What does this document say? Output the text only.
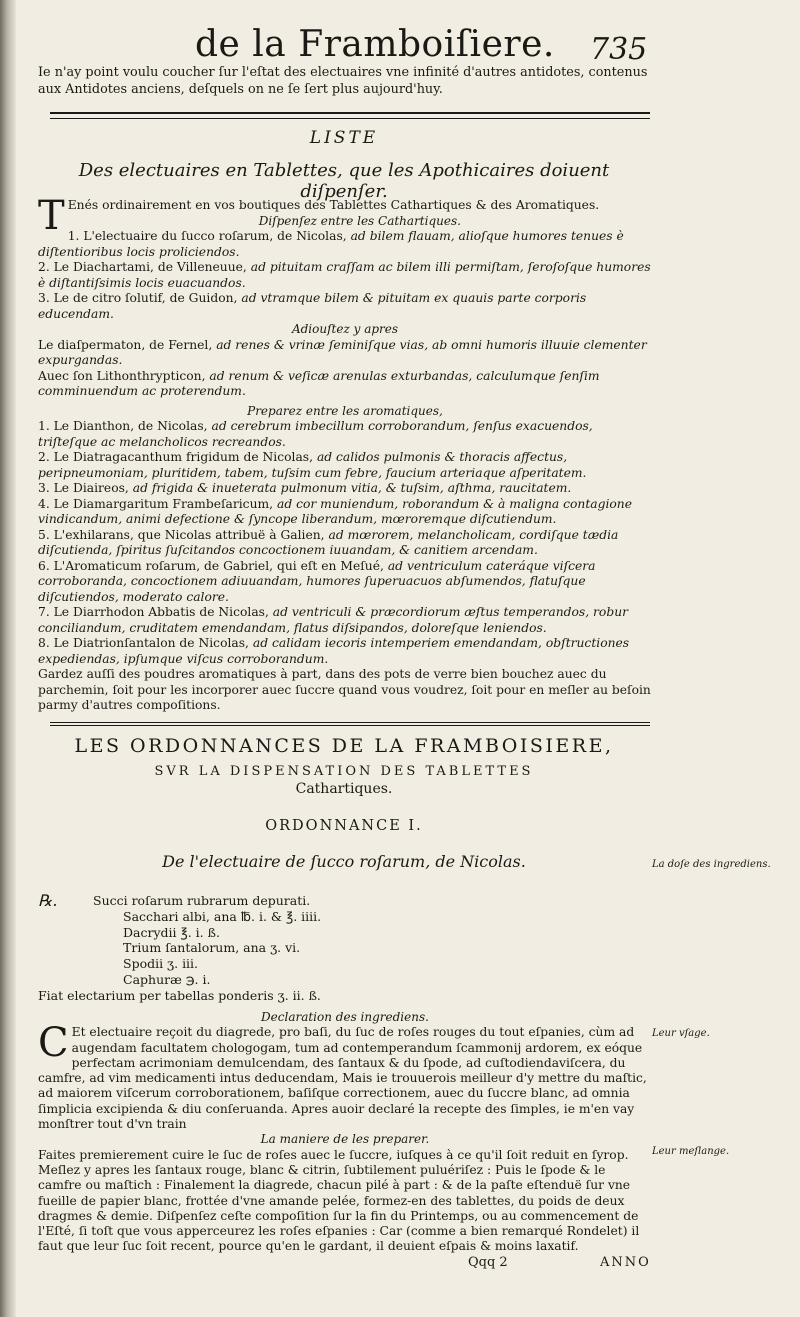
de la Framboiſiere. 735
Ie n'ay point voulu coucher ſur l'eſtat des electuaires vne infinité d'autres antidotes, contenus aux Antidotes anciens, deſquels on ne ſe ſert plus aujourd'huy.
LISTE
Des electuaires en Tablettes, que les Apothicaires doiuent diſpenſer.
T Enés ordinairement en vos boutiques des Tablettes Cathartiques & des Aromatiques.
Diſpenſez entre les Cathartiques.
1. L'electuaire du ſucco roſarum, de Nicolas, ad bilem flauam, alioſque humores tenues è diſtentioribus locis proliciendos.
2. Le Diachartami, de Villeneuue, ad pituitam craſſam ac bilem illi permiſtam, ſeroſoſque humores è diſtantiſsimis locis euacuandos.
3. Le de citro ſolutif, de Guidon, ad vtramque bilem & pituitam ex quauis parte corporis educendam.
Adiouſtez y apres
Le diaſpermaton, de Fernel, ad renes & vrinæ ſeminiſque vias, ab omni humoris illuuie clementer expurgandas.
Auec ſon Lithonthrypticon, ad renum & veſicæ arenulas exturbandas, calculumque ſenſim comminuendum ac proterendum.
Preparez entre les aromatiques,
1. Le Dianthon, de Nicolas, ad cerebrum imbecillum corroborandum, ſenſus exacuendos, triſteſque ac melancholicos recreandos.
2. Le Diatragacanthum frigidum de Nicolas, ad calidos pulmonis & thoracis affectus, peripneumoniam, pluritidem, tabem, tuſsim cum febre, faucium arteriaque aſperitatem.
3. Le Diaireos, ad frigida & inueterata pulmonum vitia, & tuſsim, aſthma, raucitatem.
4. Le Diamargaritum Frambeſaricum, ad cor muniendum, roborandum & à maligna contagione vindicandum, animi defectione & ſyncope liberandum, mœroremque diſcutiendum.
5. L'exhilarans, que Nicolas attribuë à Galien, ad mœrorem, melancholicam, cordiſque tædia diſcutienda, ſpiritus ſuſcitandos concoctionem iuuandam, & canitiem arcendam.
6. L'Aromaticum roſarum, de Gabriel, qui eſt en Meſué, ad ventriculum cateráque viſcera corroboranda, concoctionem adiuuandam, humores ſuperuacuos abſumendos, flatuſque diſcutiendos, moderato calore.
7. Le Diarrhodon Abbatis de Nicolas, ad ventriculi & præcordiorum æſtus temperandos, robur conciliandum, cruditatem emendandam, flatus diſsipandos, doloreſque leniendos.
8. Le Diatrionſantalon de Nicolas, ad calidam iecoris intemperiem emendandam, obſtructiones expediendas, ipſumque viſcus corroborandum.
Gardez auſſi des poudres aromatiques à part, dans des pots de verre bien bouchez auec du parchemin, ſoit pour les incorporer auec ſuccre quand vous voudrez, ſoit pour en meſler au beſoin parmy d'autres compoſitions.
LES ORDONNANCES DE LA FRAMBOISIERE,
SVR LA DISPENSATION DES TABLETTES
Cathartiques.
ORDONNANCE I.
De l'electuaire de ſucco roſarum, de Nicolas.
℞.	Succi roſarum rubrarum depurati.
Sacchari albi, ana ℔. i. & ℥. iiii.
Dacrydii ℥. i. ß.
Trium ſantalorum, ana ʒ. vi.
Spodii ʒ. iii.
Caphuræ ℈. i.
Fiat electarium per tabellas ponderis ʒ. ii. ß.
Declaration des ingrediens.
C Et electuaire reçoit du diagrede, pro baſi, du ſuc de roſes rouges du tout eſpanies, cùm ad augendam facultatem chologogam, tum ad contemperandum ſcammonij ardorem, ex eóque perfectam acrimoniam demulcendam, des ſantaux & du ſpode, ad cuſtodiendaviſcera, du camfre, ad vim medicamenti intus deducendam, Mais ie trouuerois meilleur d'y mettre du maſtic, ad maiorem viſcerum corroborationem, baſiſque correctionem, auec du ſuccre blanc, ad omnia ſimplicia excipienda & diu conſeruanda. Apres auoir declaré la recepte des ſimples, ie m'en vay monſtrer tout d'vn train
La maniere de les preparer.
Faites premierement cuire le ſuc de roſes auec le ſuccre, iuſques à ce qu'il ſoit reduit en ſyrop. Meſlez y apres les ſantaux rouge, blanc & citrin, ſubtilement puluériſez : Puis le ſpode & le camfre ou maſtich : Finalement la diagrede, chacun pilé à part : & de la paſte eſtenduë ſur vne fueille de papier blanc, frottée d'vne amande pelée, formez-en des tablettes, du poids de deux dragmes & demie. Diſpenſez ceſte compoſition ſur la fin du Printemps, ou au commencement de l'Eſté, ſi toſt que vous apperceurez les roſes eſpanies : Car (comme a bien remarqué Rondelet) il faut que leur ſuc ſoit recent, pource qu'en le gardant, il deuient eſpais & moins laxatif.
La doſe des ingrediens.
Leur vſage.
Leur meſlange.
Qqq 2	ANNO
